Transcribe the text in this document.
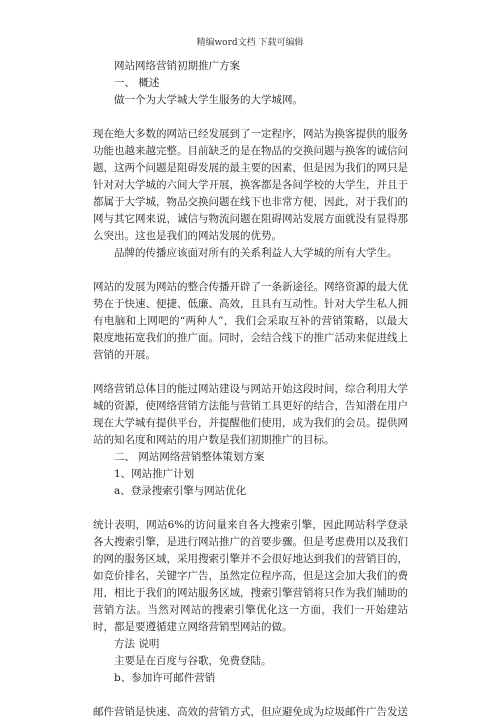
精编word文档 下载可编辑

网站网络营销初期推广方案

一、 概述

做一个为大学城大学生服务的大学城网。

现在绝大多数的网站已经发展到了一定程序，网站为换客提供的服务功能也越来越完整。目前缺乏的是在物品的交换问题与换客的诚信问题，这两个问题是阻碍发展的最主要的因素，但是因为我们的网只是针对对大学城的六间大学开展，换客都是各间学校的大学生，并且于都属于大学城，物品交换问题在线下也非常方便，因此，对于我们的网与其它网来说，诚信与物流问题在阻碍网站发展方面就没有显得那么突出。这也是我们的网站发展的优势。

品牌的传播应该面对所有的关系利益人大学城的所有大学生。

网站的发展为网站的整合传播开辟了一条新途径。网络资源的最大优势在于快速、便捷、低廉、高效，且具有互动性。针对大学生私人拥有电脑和上网吧的“两种人”，我们会采取互补的营销策略，以最大限度地拓宽我们的推广面。同时，会结合线下的推广活动来促进线上营销的开展。

网络营销总体目的能过网站建设与网站开始这段时间，综合利用大学城的资源，使网络营销方法能与营销工具更好的结合，告知潜在用户现在大学城有提供平台，并提醒他们使用，成为我们的会员。提供网站的知名度和网站的用户数是我们初期推广的目标。

二、 网站网络营销整体策划方案

1、网站推广计划

a、登录搜索引擎与网站优化

统计表明，网站6%的访问量来自各大搜索引擎，因此网站科学登录各大搜索引擎，是进行网站推广的首要步骤。但是考虑费用以及我们的网的服务区域，采用搜索引擎并不会很好地达到我们的营销目的，如竞价排名，关键字广告，虽然定位程序高，但是这会加大我们的费用，相比于我们的网站服务区域，搜索引擎营销将只作为我们辅助的营销方法。当然对网站的搜索引擎优化这一方面，我们一开始建站时，都是要遵循建立网络营销型网站的做。

方法 说明

主要是在百度与谷歌，免费登陆。

b、参加许可邮件营销

邮件营销是快速、高效的营销方式，但应避免成为垃圾邮件广告发送
